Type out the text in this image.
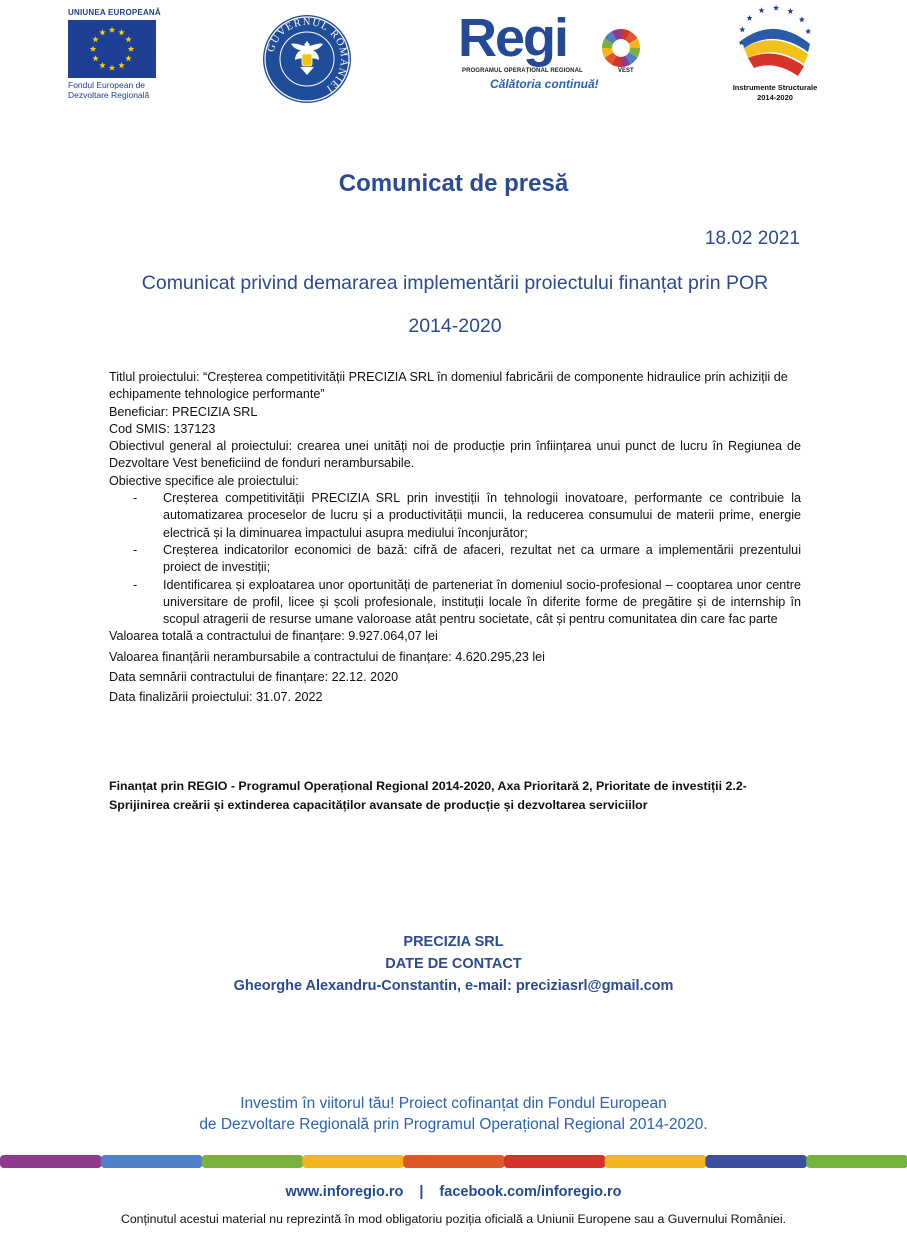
UNIUNEA EUROPEANĂ
Fondul European de
Dezvoltare Regională
GUVERNUL ROMÂNIEI
Regi
PROGRAMUL OPERAȚIONAL REGIONAL	VEST
Călătoria continuă!	Instrumente Structurale
2014-2020
Comunicat de presă
18.02 2021
Comunicat privind demararea implementării proiectului finanțat prin POR
2014-2020

Titlul proiectului: “Creșterea competitivității PRECIZIA SRL în domeniul fabricării de componente hidraulice prin achiziții de echipamente tehnologice performante”

Beneficiar: PRECIZIA SRL

Cod SMIS: 137123

Obiectivul general al proiectului: crearea unei unități noi de producție prin înființarea unui punct de lucru în Regiunea de Dezvoltare Vest beneficiind de fonduri nerambursabile.

Obiective specifice ale proiectului:

- Creșterea competitivității PRECIZIA SRL prin investiții în tehnologii inovatoare, performante ce contribuie la automatizarea proceselor de lucru și a productivității muncii, la reducerea consumului de materii prime, energie electrică și la diminuarea impactului asupra mediului înconjurător;
- Creșterea indicatorilor economici de bază: cifră de afaceri, rezultat net ca urmare a implementării prezentului proiect de investiții;
- Identificarea și exploatarea unor oportunități de parteneriat în domeniul socio-profesional – cooptarea unor centre universitare de profil, licee și școli profesionale, instituții locale în diferite forme de pregătire și de internship în scopul atragerii de resurse umane valoroase atât pentru societate, cât și pentru comunitatea din care fac parte

Valoarea totală a contractului de finanțare: 9.927.064,07 lei

Valoarea finanțării nerambursabile a contractului de finanțare: 4.620.295,23 lei

Data semnării contractului de finanțare: 22.12. 2020

Data finalizării proiectului: 31.07. 2022

Finanțat prin REGIO - Programul Operațional Regional 2014-2020, Axa Prioritară 2, Prioritate de investiții 2.2- Sprijinirea creării și extinderea capacităților avansate de producție și dezvoltarea serviciilor
PRECIZIA SRL
DATE DE CONTACT
Gheorghe Alexandru-Constantin, e-mail: preciziasrl@gmail.com
Investim în viitorul tău! Proiect cofinanțat din Fondul European
de Dezvoltare Regională prin Programul Operațional Regional 2014-2020.
www.inforegio.ro | facebook.com/inforegio.ro
Conținutul acestui material nu reprezintă în mod obligatoriu poziția oficială a Uniunii Europene sau a Guvernului României.
